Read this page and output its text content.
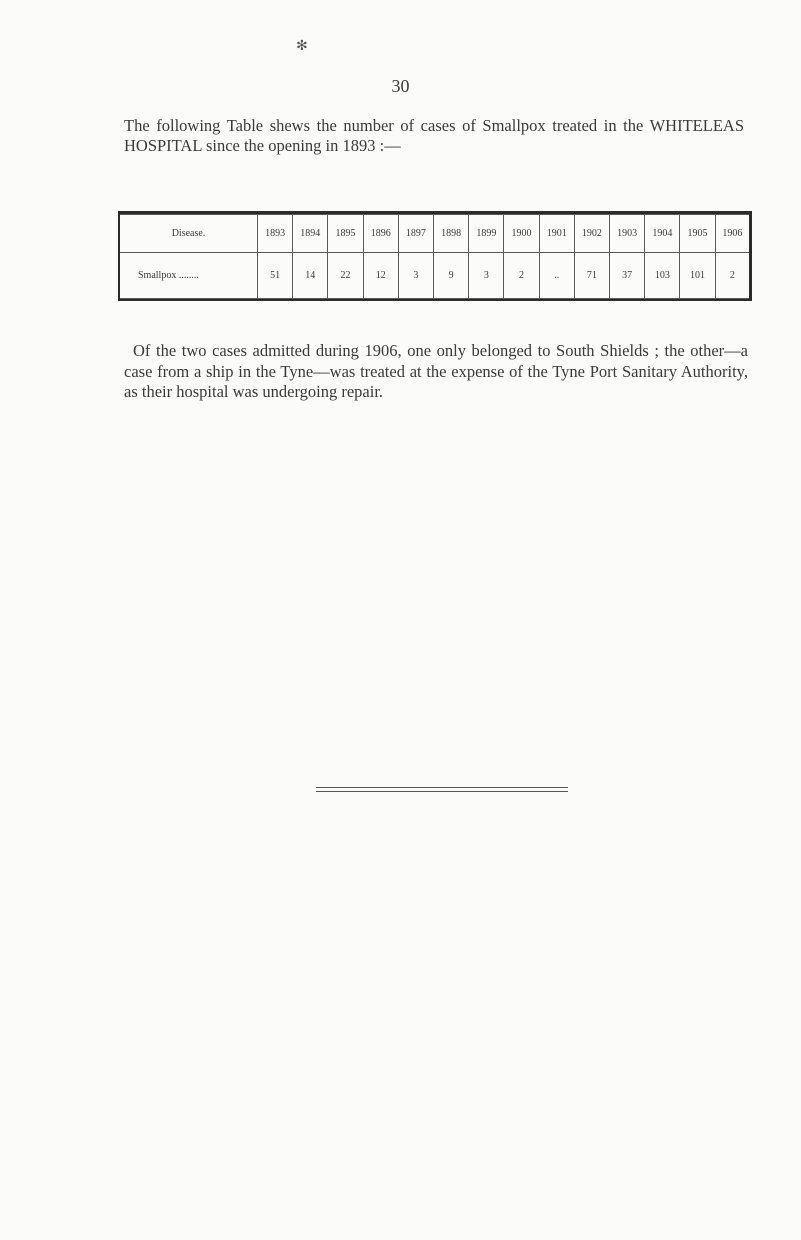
✻
30

The following Table shews the number of cases of Smallpox treated in the WHITELEAS HOSPITAL since the opening in 1893 :—

Disease.	1893	1894	1895	1896	1897	1898	1899	1900	1901	1902	1903	1904	1905	1906
Smallpox ........	51	14	22	12	3	9	3	2	..	71	37	103	101	2

Of the two cases admitted during 1906, one only belonged to South Shields ; the other—a case from a ship in the Tyne—was treated at the expense of the Tyne Port Sanitary Authority, as their hospital was undergoing repair.
